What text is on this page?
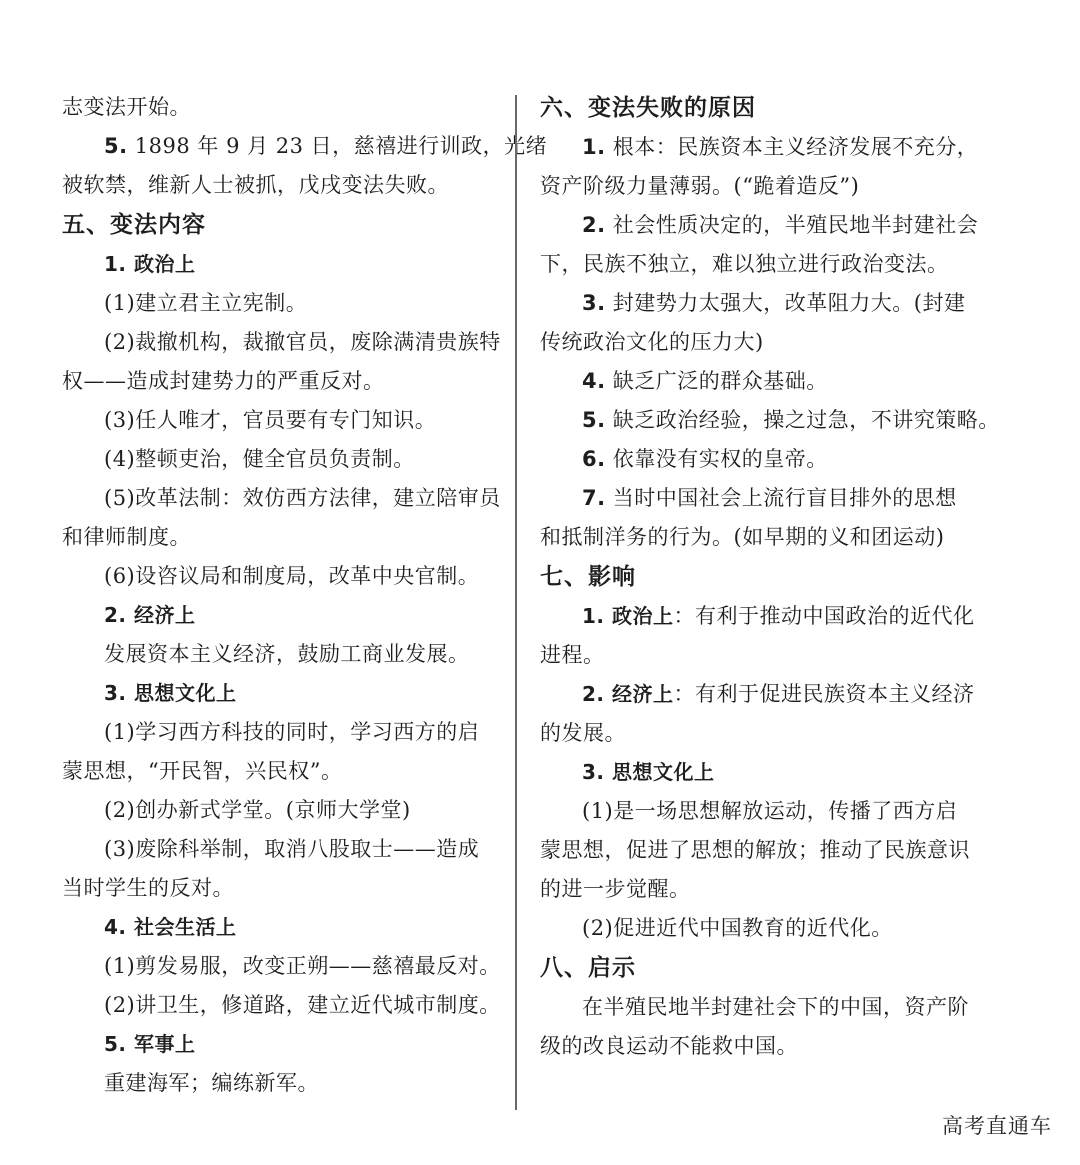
志变法开始。
5. 1898 年 9 月 23 日，慈禧进行训政，光绪
被软禁，维新人士被抓，戊戌变法失败。
五、变法内容
1. 政治上
(1)建立君主立宪制。
(2)裁撤机构，裁撤官员，废除满清贵族特
权——造成封建势力的严重反对。
(3)任人唯才，官员要有专门知识。
(4)整顿吏治，健全官员负责制。
(5)改革法制：效仿西方法律，建立陪审员
和律师制度。
(6)设咨议局和制度局，改革中央官制。
2. 经济上
发展资本主义经济，鼓励工商业发展。
3. 思想文化上
(1)学习西方科技的同时，学习西方的启
蒙思想，“开民智，兴民权”。
(2)创办新式学堂。(京师大学堂)
(3)废除科举制，取消八股取士——造成
当时学生的反对。
4. 社会生活上
(1)剪发易服，改变正朔——慈禧最反对。
(2)讲卫生，修道路，建立近代城市制度。
5. 军事上
重建海军；编练新军。
六、变法失败的原因
1. 根本：民族资本主义经济发展不充分，
资产阶级力量薄弱。(“跪着造反”)
2. 社会性质决定的，半殖民地半封建社会
下，民族不独立，难以独立进行政治变法。
3. 封建势力太强大，改革阻力大。(封建
传统政治文化的压力大)
4. 缺乏广泛的群众基础。
5. 缺乏政治经验，操之过急，不讲究策略。
6. 依靠没有实权的皇帝。
7. 当时中国社会上流行盲目排外的思想
和抵制洋务的行为。(如早期的义和团运动)
七、影响
1. 政治上：有利于推动中国政治的近代化
进程。
2. 经济上：有利于促进民族资本主义经济
的发展。
3. 思想文化上
(1)是一场思想解放运动，传播了西方启
蒙思想，促进了思想的解放；推动了民族意识
的进一步觉醒。
(2)促进近代中国教育的近代化。
八、启示
在半殖民地半封建社会下的中国，资产阶
级的改良运动不能救中国。
高考直通车
